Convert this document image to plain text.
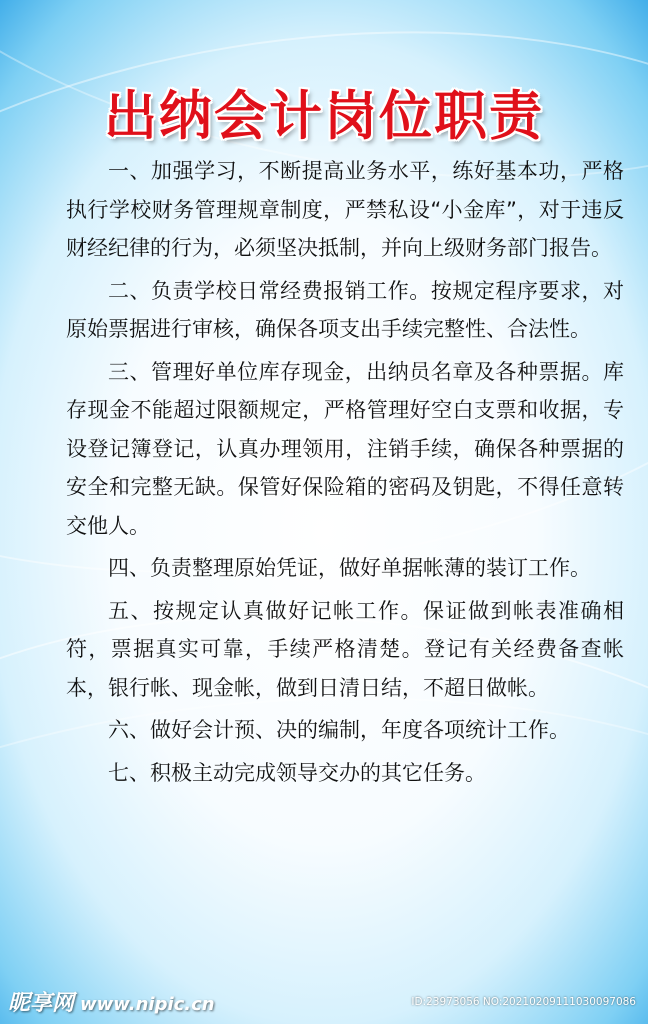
出纳会计岗位职责

一、加强学习，不断提高业务水平，练好基本功，严格执行学校财务管理规章制度，严禁私设“小金库”，对于违反财经纪律的行为，必须坚决抵制，并向上级财务部门报告。

二、负责学校日常经费报销工作。按规定程序要求，对原始票据进行审核，确保各项支出手续完整性、合法性。

三、管理好单位库存现金，出纳员名章及各种票据。库存现金不能超过限额规定，严格管理好空白支票和收据，专设登记簿登记，认真办理领用，注销手续，确保各种票据的安全和完整无缺。保管好保险箱的密码及钥匙，不得任意转交他人。

四、负责整理原始凭证，做好单据帐薄的装订工作。

五、按规定认真做好记帐工作。保证做到帐表准确相符，票据真实可靠，手续严格清楚。登记有关经费备查帐本，银行帐、现金帐，做到日清日结，不超日做帐。

六、做好会计预、决的编制，年度各项统计工作。

七、积极主动完成领导交办的其它任务。

昵享网 www.nipic.cn	ID:23973056 NO:20210209111030097086
